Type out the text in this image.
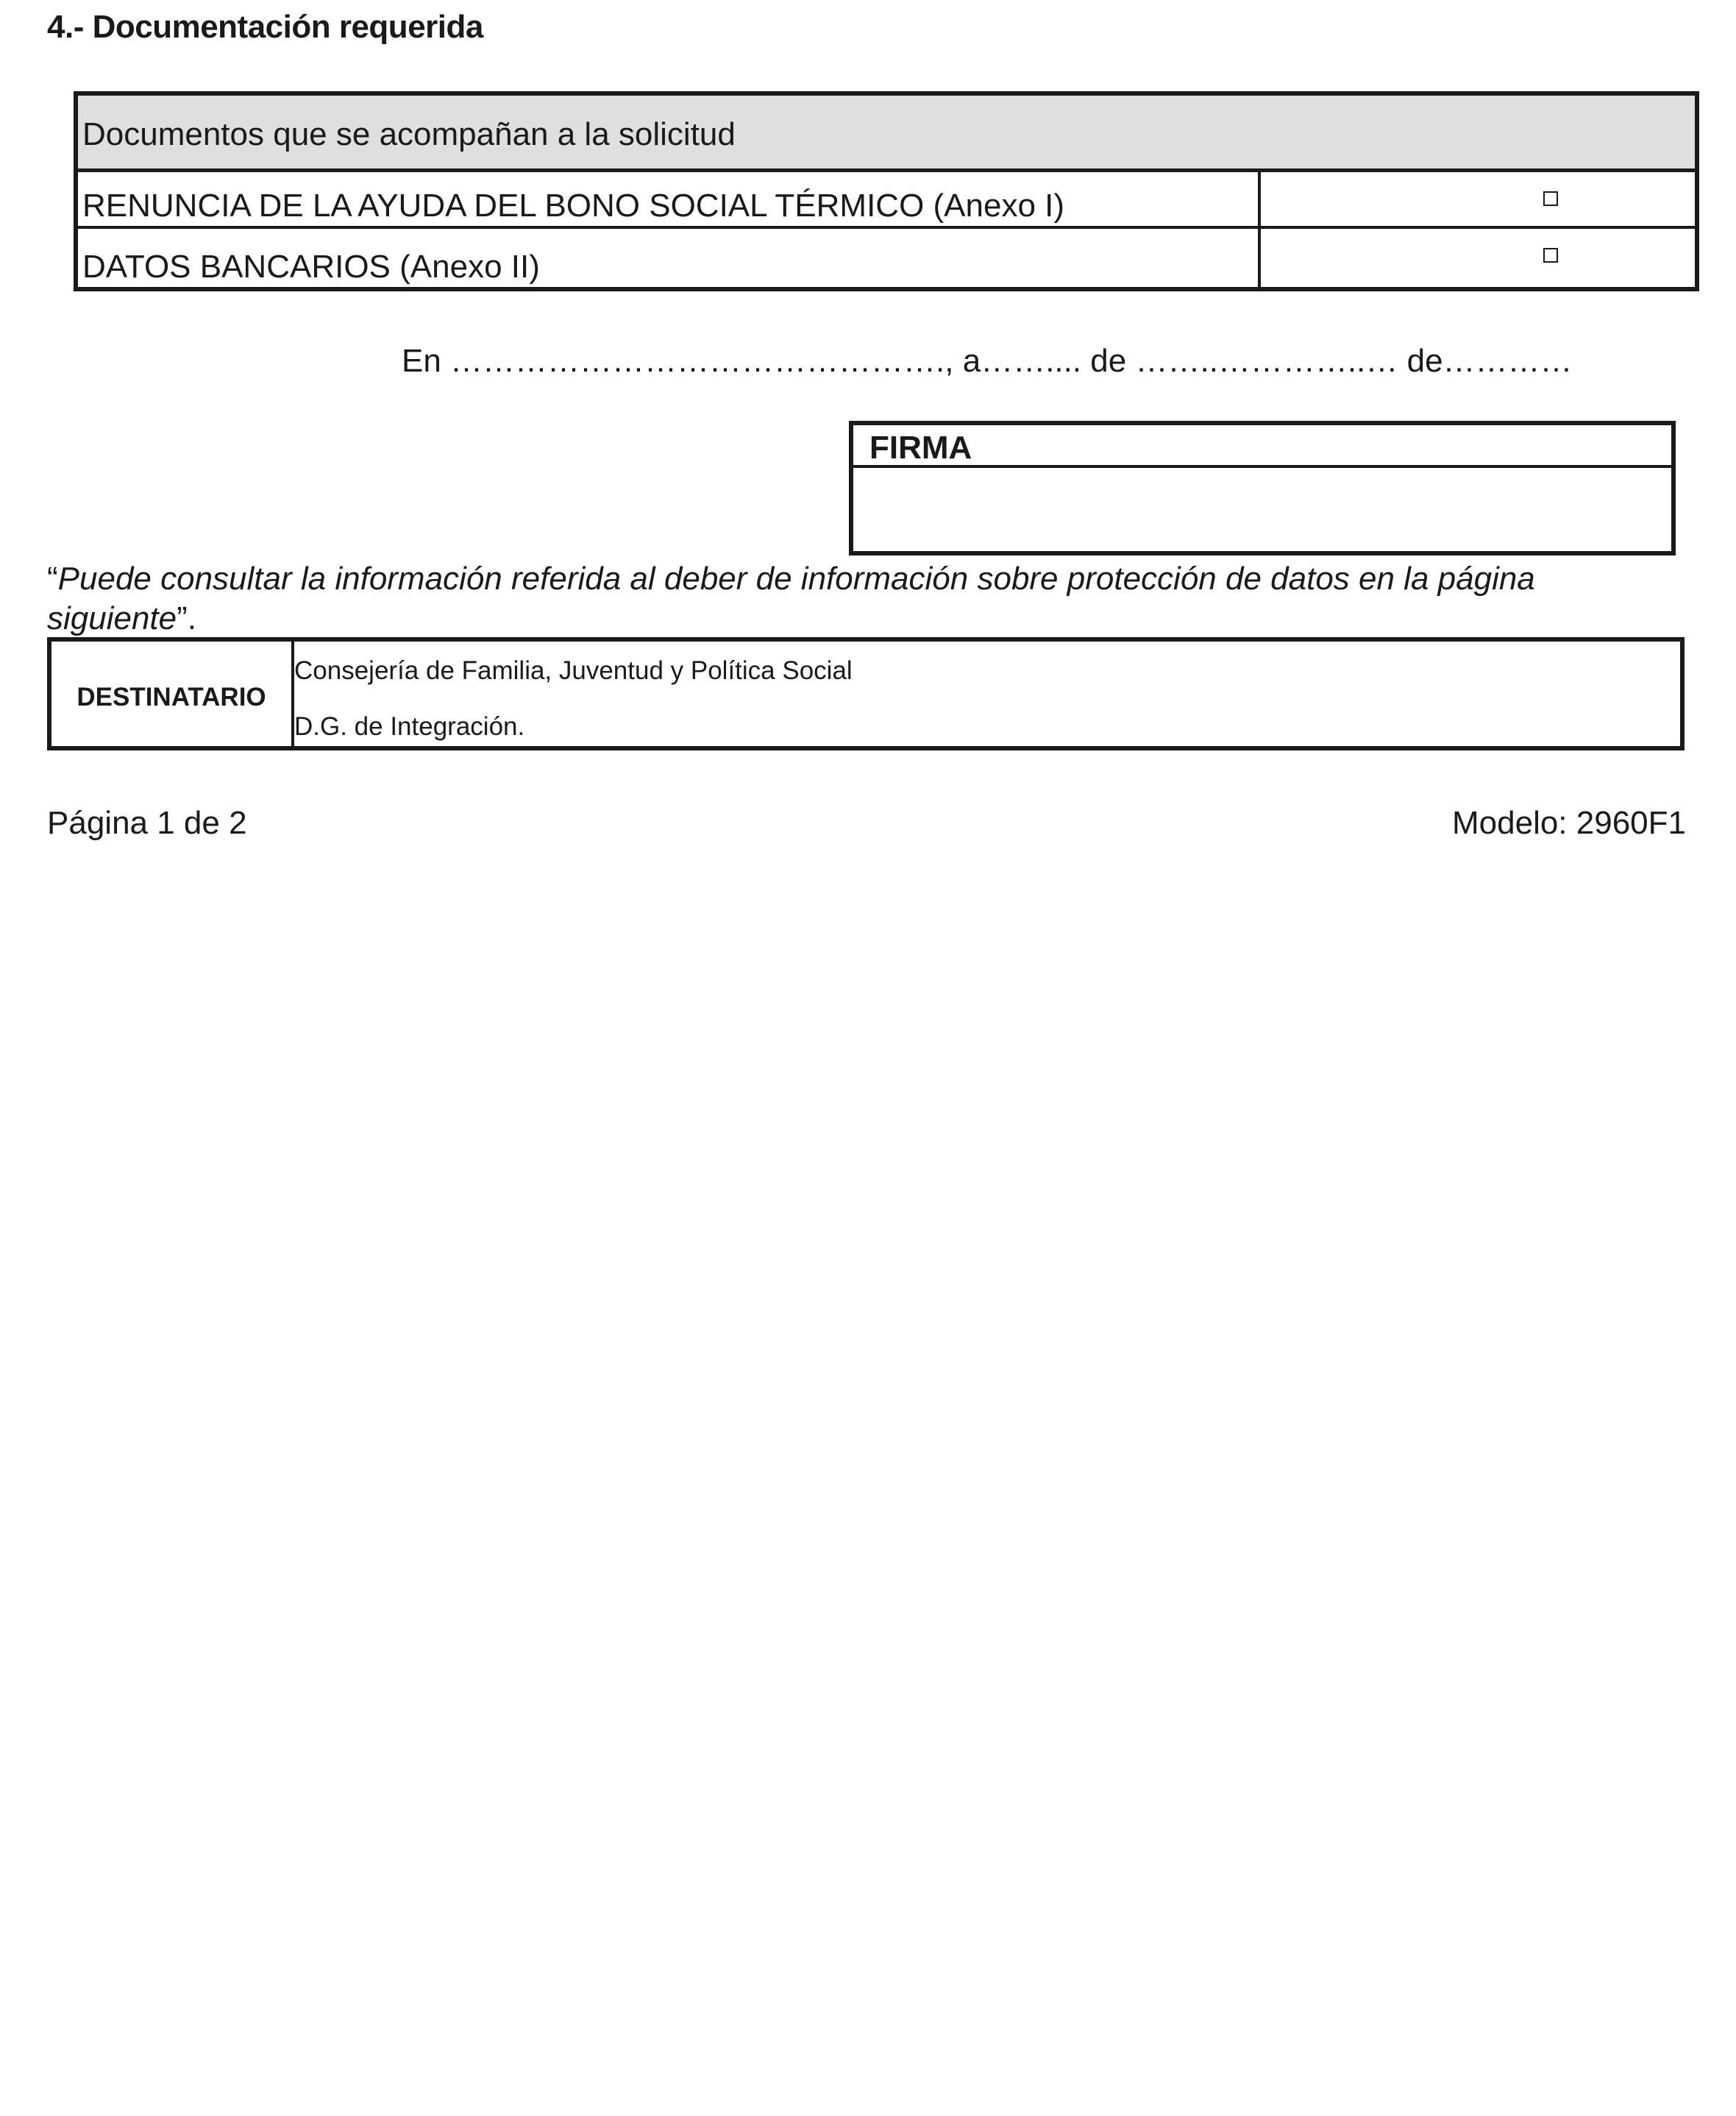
4.- Documentación requerida
Documentos que se acompañan a la solicitud
RENUNCIA DE LA AYUDA DEL BONO SOCIAL TÉRMICO (Anexo I)
DATOS BANCARIOS (Anexo II)
En ………………………………………., a…….... de ……..…………..… de…………
FIRMA
“Puede consultar la información referida al deber de información sobre protección de datos en la página siguiente”.
DESTINATARIO
Consejería de Familia, Juventud y Política Social
D.G. de Integración.
Página 1 de 2	Modelo: 2960F1
